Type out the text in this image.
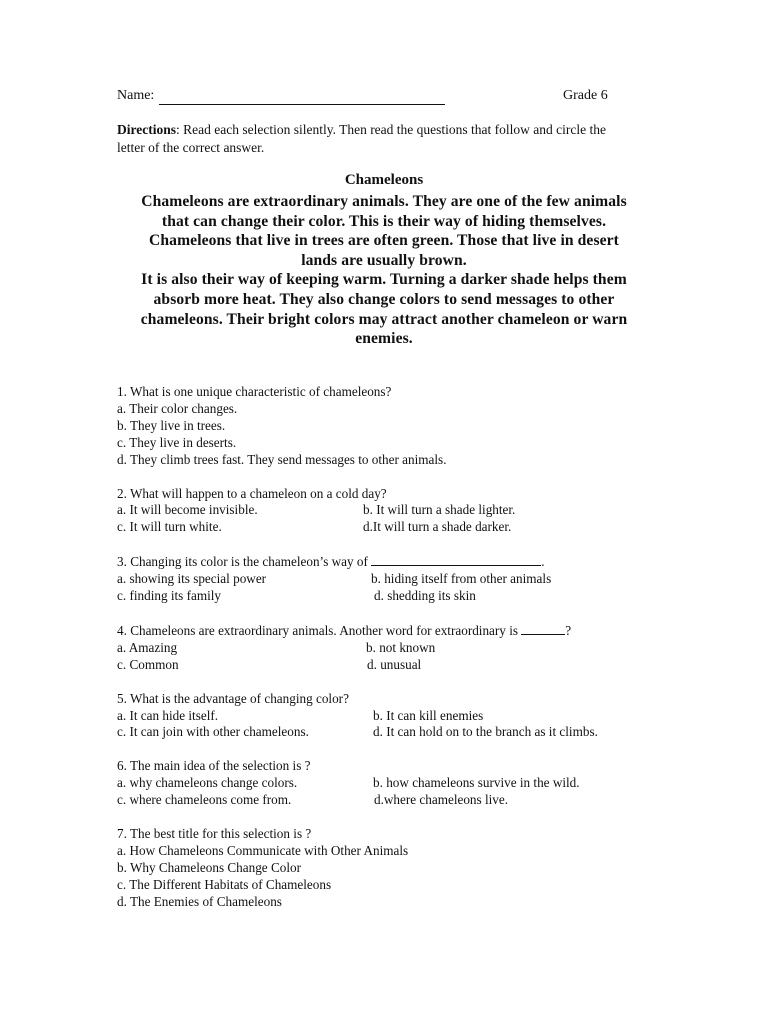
Name:	Grade 6
Directions: Read each selection silently. Then read the questions that follow and circle the letter of the correct answer.
Chameleons

Chameleons are extraordinary animals. They are one of the few animals that can change their color. This is their way of hiding themselves. Chameleons that live in trees are often green. Those that live in desert lands are usually brown.

It is also their way of keeping warm. Turning a darker shade helps them absorb more heat. They also change colors to send messages to other chameleons. Their bright colors may attract another chameleon or warn enemies.

1. What is one unique characteristic of chameleons?
a. Their color changes.
b. They live in trees.
c. They live in deserts.
d. They climb trees fast. They send messages to other animals.
2. What will happen to a chameleon on a cold day?
a. It will become invisible.	b. It will turn a shade lighter.
c. It will turn white.	d.It will turn a shade darker.
3. Changing its color is the chameleon’s way of	.
a. showing its special power	b. hiding itself from other animals
c. finding its family	d. shedding its skin
4. Chameleons are extraordinary animals. Another word for extraordinary is	?
a. Amazing	b. not known
c. Common	d. unusual
5. What is the advantage of changing color?
a. It can hide itself.	b. It can kill enemies
c. It can join with other chameleons.	d. It can hold on to the branch as it climbs.
6. The main idea of the selection is ?
a. why chameleons change colors.	b. how chameleons survive in the wild.
c. where chameleons come from.	d.where chameleons live.
7. The best title for this selection is ?
a. How Chameleons Communicate with Other Animals
b. Why Chameleons Change Color
c. The Different Habitats of Chameleons
d. The Enemies of Chameleons
